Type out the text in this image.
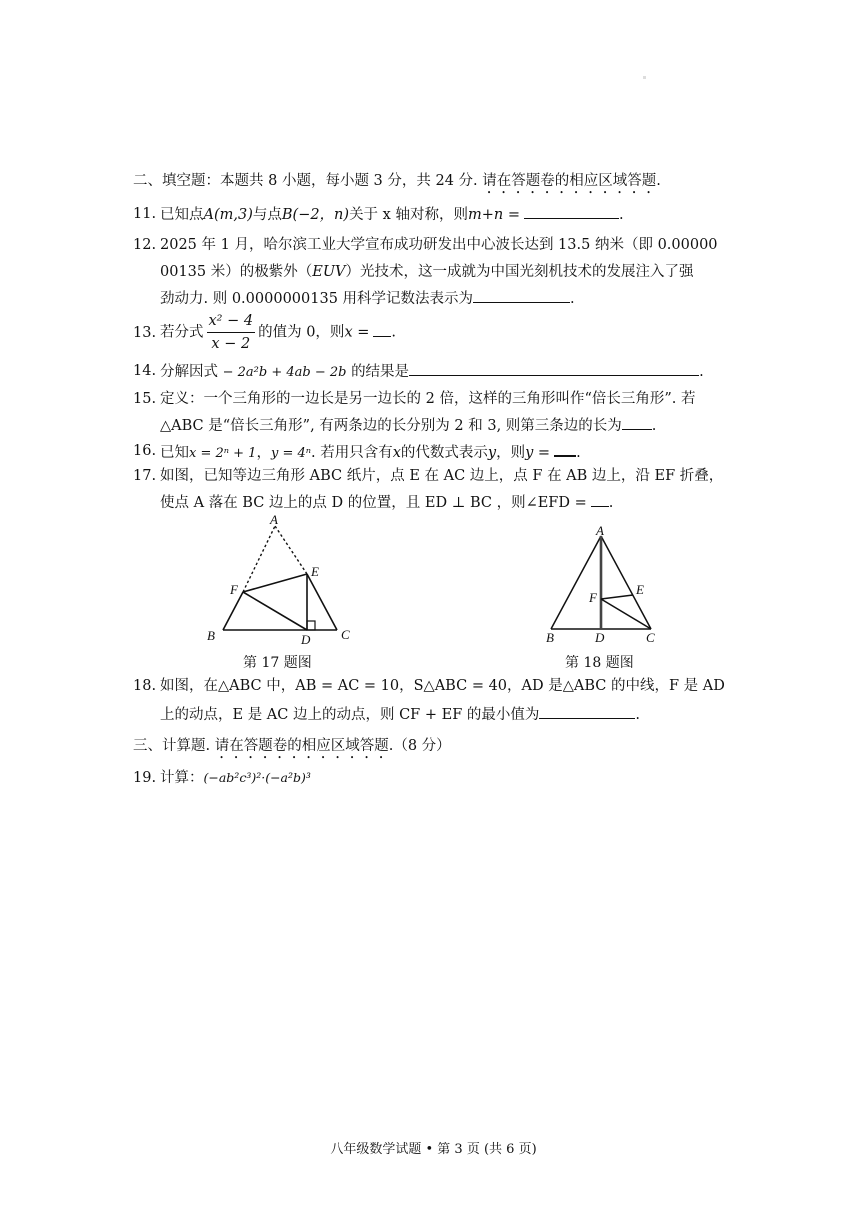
二、填空题：本题共 8 小题，每小题 3 分，共 24 分. 请在答题卷的相应区域答题.
11. 已知点A(m,3)与点B(−2，n)关于 x 轴对称，则m+n =	.
12. 2025 年 1 月，哈尔滨工业大学宣布成功研发出中心波长达到 13.5 纳米（即 0.00000
00135 米）的极紫外（EUV）光技术，这一成就为中国光刻机技术的发展注入了强
劲动力. 则 0.0000000135 用科学记数法表示为	.
13. 若分式 $\frac{\text{x² − 4}}{x - 2}$ 的值为 0，则x = .
14. 分解因式 − 2a²b + 4ab − 2b 的结果是	.
15. 定义：一个三角形的一边长是另一边长的 2 倍，这样的三角形叫作“倍长三角形”. 若
△ABC 是“倍长三角形”, 有两条边的长分别为 2 和 3, 则第三条边的长为 .
16. 已知x = 2ⁿ + 1，y = 4ⁿ. 若用只含有x的代数式表示y，则y = .
17. 如图，已知等边三角形 ABC 纸片，点 E 在 AC 边上，点 F 在 AB 边上，沿 EF 折叠，
使点 A 落在 BC 边上的点 D 的位置，且 ED ⊥ BC ，则∠EFD = .
A
B	C
D
E
F
第 17 题图
A
B	C
D
E
F
第 18 题图
18. 如图，在△ABC 中，AB = AC = 10，S△ABC = 40，AD 是△ABC 的中线，F 是 AD
上的动点，E 是 AC 边上的动点，则 CF + EF 的最小值为	.
三、计算题. 请在答题卷的相应区域答题.（8 分）
19. 计算：(−ab²c³)²·(−a²b)³
八年级数学试题 • 第 3 页 (共 6 页)
